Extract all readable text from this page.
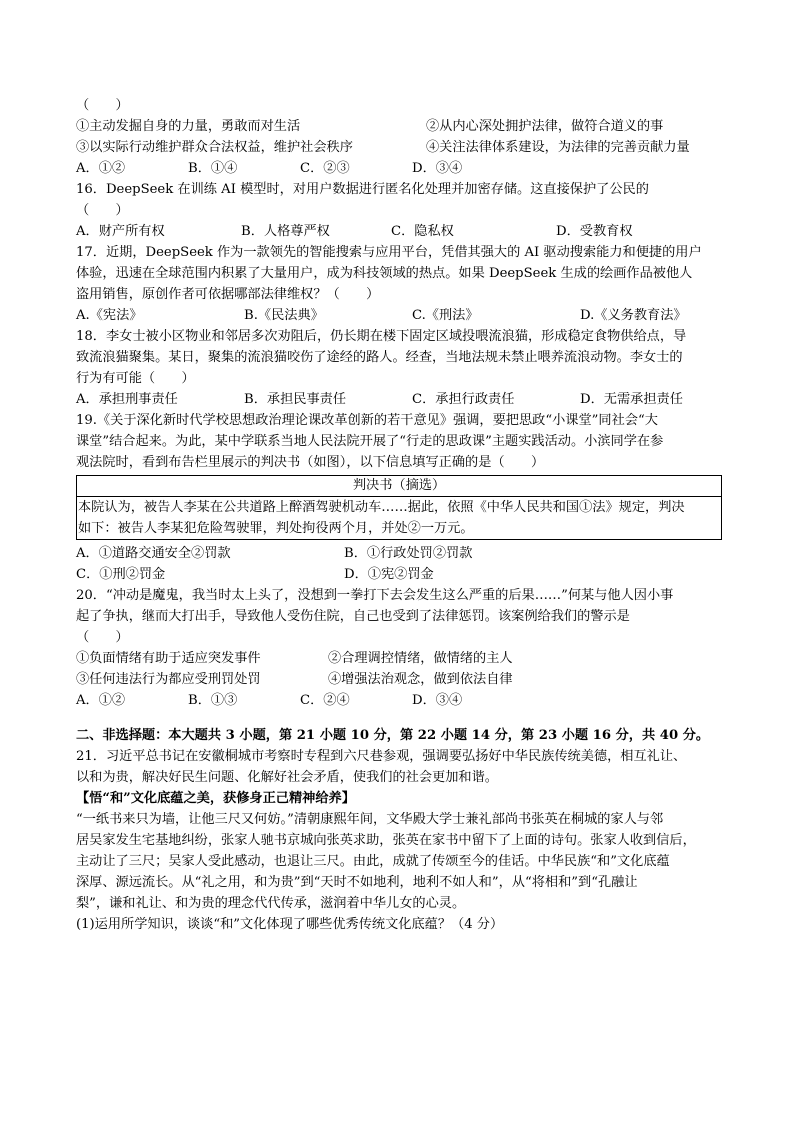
（　　）
①主动发掘自身的力量，勇敢而对生活	②从内心深处拥护法律，做符合道义的事
③以实际行动维护群众合法权益，维护社会秩序	④关注法律体系建设，为法律的完善贡献力量
A．①②	B．①④	C．②③	D．③④
16．DeepSeek 在训练 AI 模型时，对用户数据进行匿名化处理并加密存储。这直接保护了公民的
（　　）
A．财产所有权	B．人格尊严权	C．隐私权	D．受教育权
17．近期，DeepSeek 作为一款领先的智能搜索与应用平台，凭借其强大的 AI 驱动搜索能力和便捷的用户
体验，迅速在全球范围内积累了大量用户，成为科技领域的热点。如果 DeepSeek 生成的绘画作品被他人
盗用销售，原创作者可依据哪部法律维权？（　　）
A.《宪法》	B.《民法典》	C.《刑法》	D.《义务教育法》
18．李女士被小区物业和邻居多次劝阻后，仍长期在楼下固定区域投喂流浪猫，形成稳定食物供给点，导
致流浪猫聚集。某日，聚集的流浪猫咬伤了途经的路人。经查，当地法规未禁止喂养流浪动物。李女士的
行为有可能（　　）
A．承担刑事责任	B．承担民事责任	C．承担行政责任	D．无需承担责任
19.《关于深化新时代学校思想政治理论课改革创新的若干意见》强调，要把思政“小课堂”同社会“大
课堂”结合起来。为此，某中学联系当地人民法院开展了“行走的思政课”主题实践活动。小滨同学在参
观法院时，看到布告栏里展示的判决书（如图），以下信息填写正确的是（　　）
判决书（摘选）
本院认为，被告人李某在公共道路上醉酒驾驶机动车……据此，依照《中华人民共和国①法》规定，判决
如下：被告人李某犯危险驾驶罪，判处拘役两个月，并处②一万元。
A．①道路交通安全②罚款	B．①行政处罚②罚款
C．①刑②罚金	D．①宪②罚金
20．“冲动是魔鬼，我当时太上头了，没想到一拳打下去会发生这么严重的后果……”何某与他人因小事
起了争执，继而大打出手，导致他人受伤住院，自己也受到了法律惩罚。该案例给我们的警示是
（　　）
①负面情绪有助于适应突发事件	②合理调控情绪，做情绪的主人
③任何违法行为都应受刑罚处罚	④增强法治观念，做到依法自律
A．①②	B．①③	C．②④	D．③④
二、非选择题：本大题共 3 小题，第 21 小题 10 分，第 22 小题 14 分，第 23 小题 16 分，共 40 分。
21．习近平总书记在安徽桐城市考察时专程到六尺巷参观，强调要弘扬好中华民族传统美德，相互礼让、
以和为贵，解决好民生问题、化解好社会矛盾，使我们的社会更加和谐。
【悟“和”文化底蕴之美，获修身正己精神给养】
“一纸书来只为墙，让他三尺又何妨。”清朝康熙年间，文华殿大学士兼礼部尚书张英在桐城的家人与邻
居吴家发生宅基地纠纷，张家人驰书京城向张英求助，张英在家书中留下了上面的诗句。张家人收到信后，
主动让了三尺；吴家人受此感动，也退让三尺。由此，成就了传颂至今的佳话。中华民族“和”文化底蕴
深厚、源远流长。从“礼之用，和为贵”到“天时不如地利，地利不如人和”，从“将相和”到“孔融让
梨”，谦和礼让、和为贵的理念代代传承，滋润着中华儿女的心灵。
(1)运用所学知识，谈谈“和”文化体现了哪些优秀传统文化底蕴？（4 分）
